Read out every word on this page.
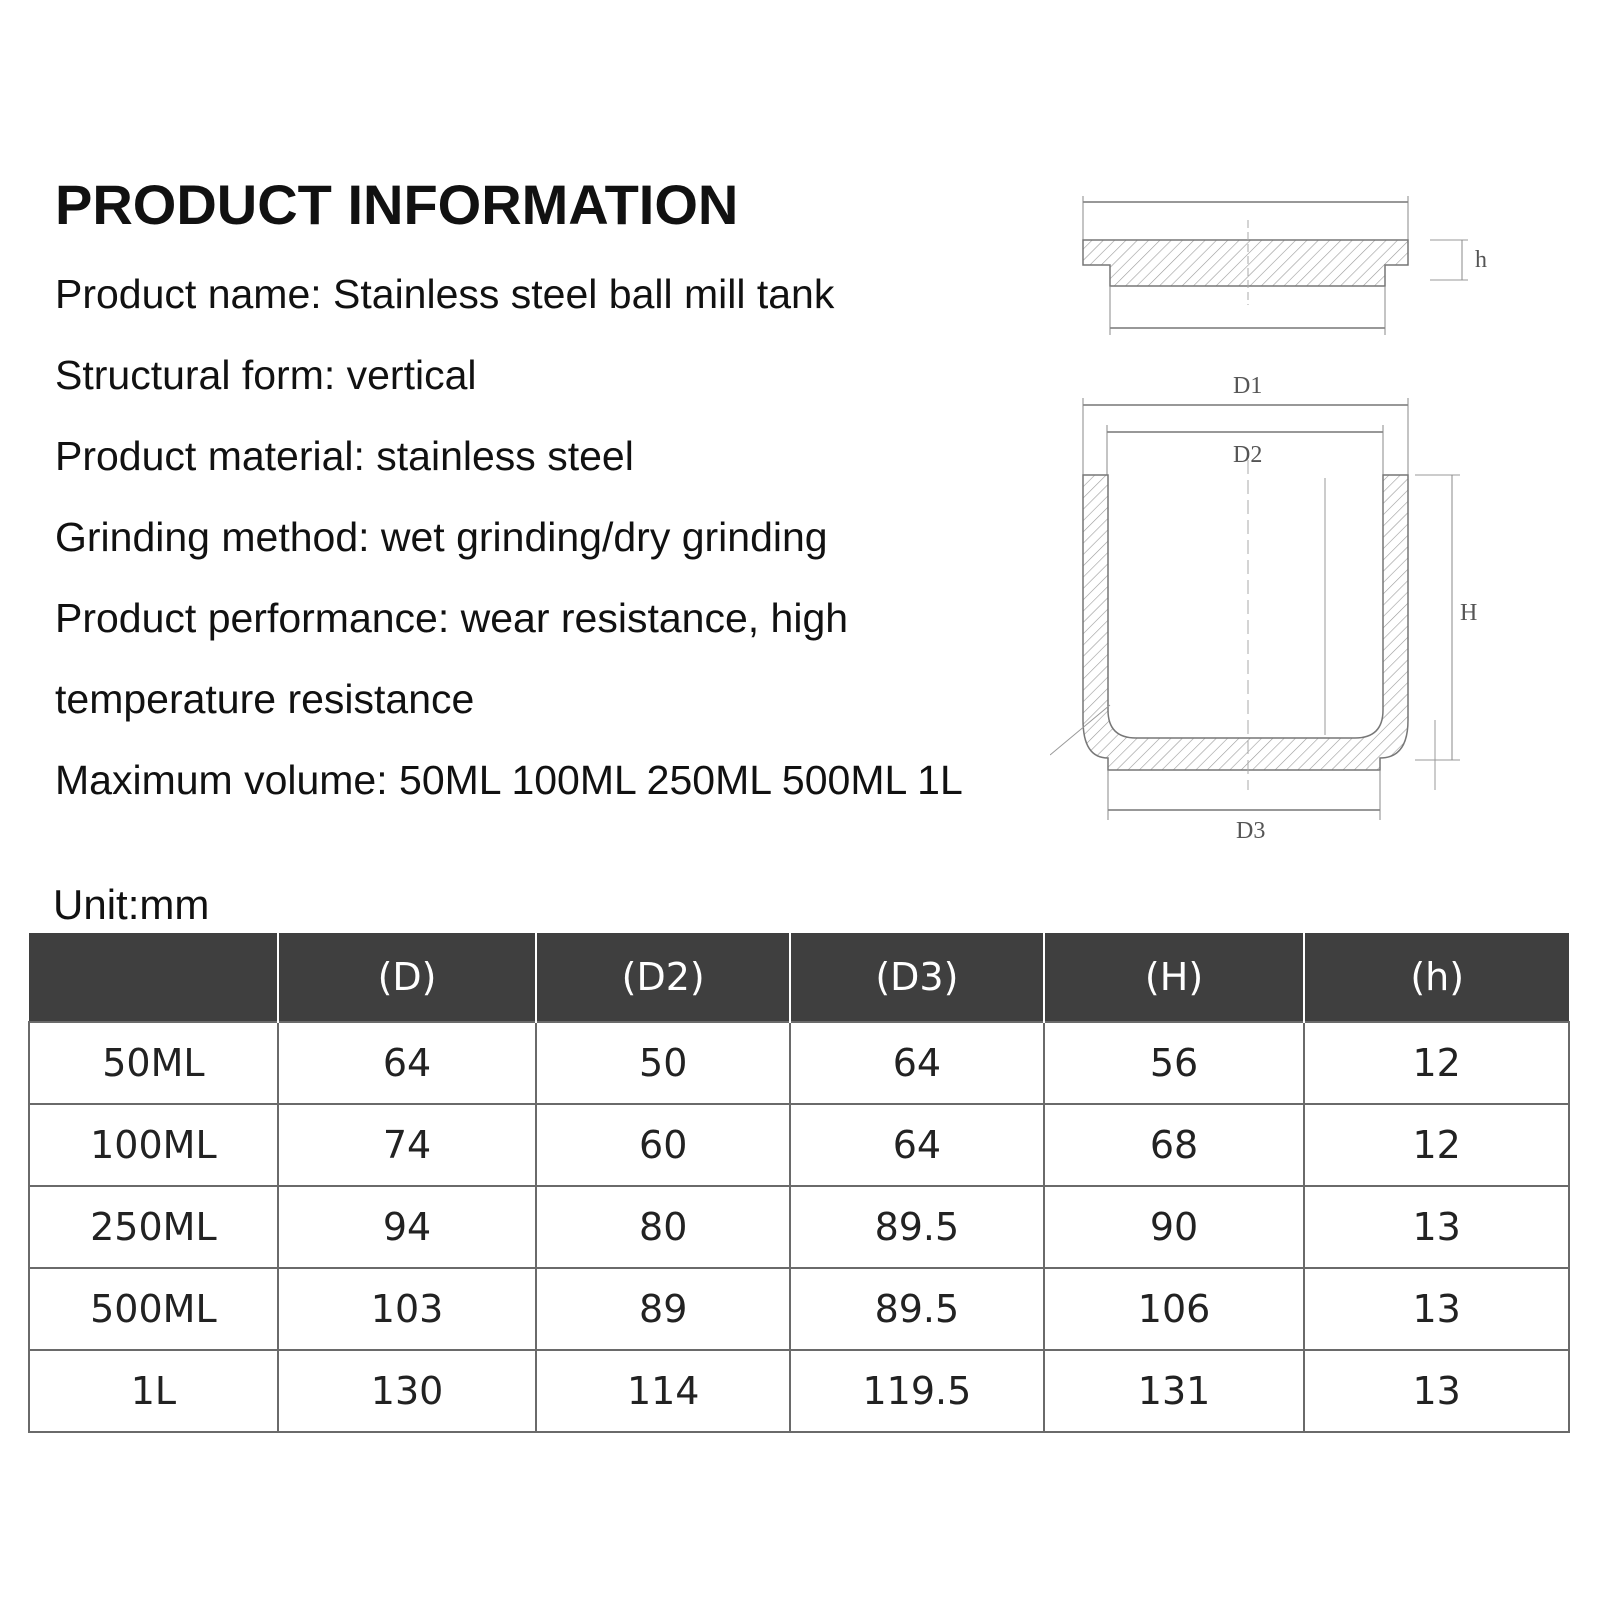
PRODUCT INFORMATION
Product name: Stainless steel ball mill tank
Structural form: vertical
Product material: stainless steel
Grinding method: wet grinding/dry grinding
Product performance: wear resistance, high
temperature resistance
Maximum volume: 50ML 100ML 250ML 500ML 1L
Unit:mm
h
D1
D2
H
D3
	(D)	(D2)	(D3)	(H)	(h)
50ML	64	50	64	56	12
100ML	74	60	64	68	12
250ML	94	80	89.5	90	13
500ML	103	89	89.5	106	13
1L	130	114	119.5	131	13
